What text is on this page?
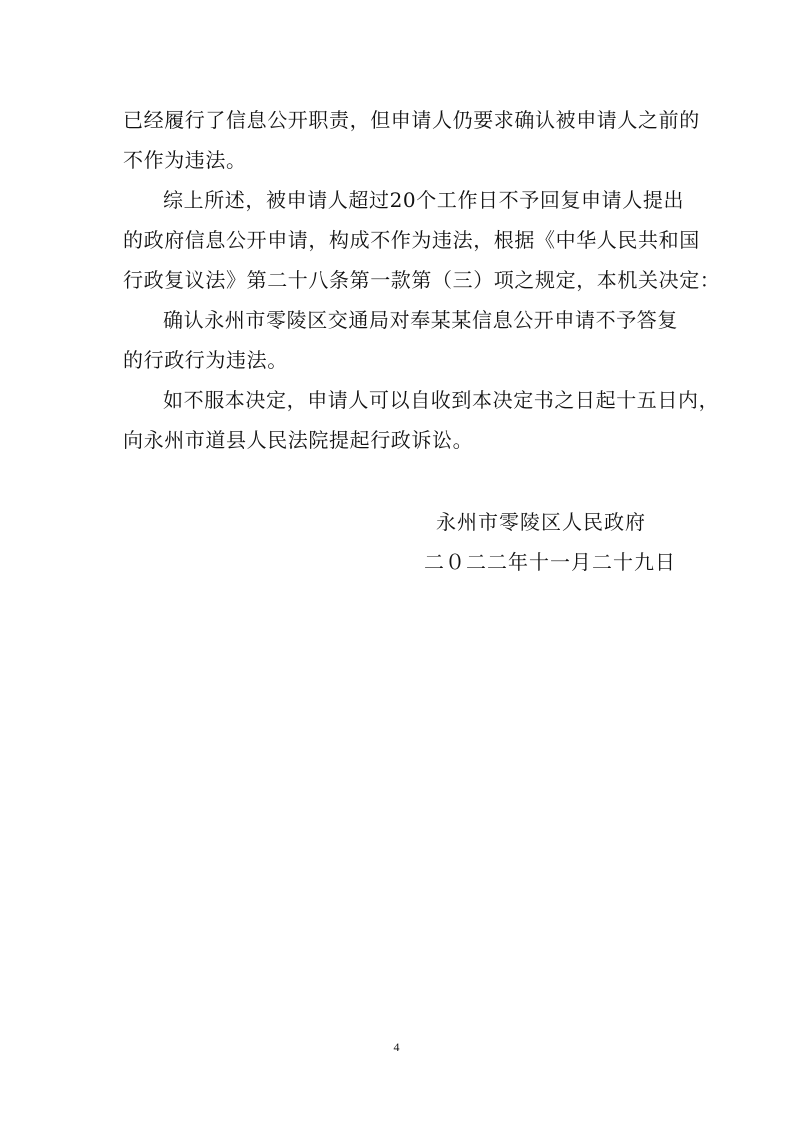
已经履行了信息公开职责，但申请人仍要求确认被申请人之前的
不作为违法。
综上所述，被申请人超过20个工作日不予回复申请人提出
的政府信息公开申请，构成不作为违法，根据《中华人民共和国
行政复议法》第二十八条第一款第（三）项之规定，本机关决定：
确认永州市零陵区交通局对奉某某信息公开申请不予答复
的行政行为违法。
如不服本决定，申请人可以自收到本决定书之日起十五日内，
向永州市道县人民法院提起行政诉讼。
永州市零陵区人民政府
二０二二年十一月二十九日
4
